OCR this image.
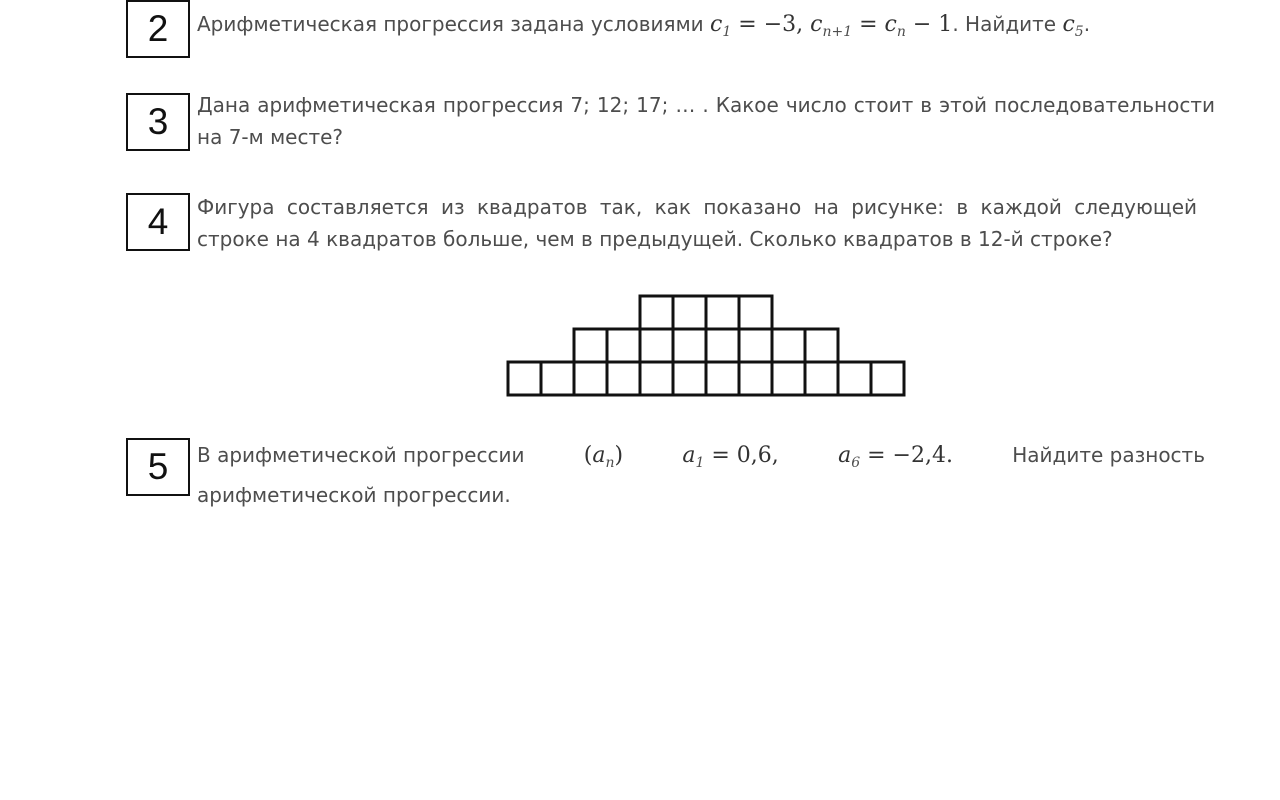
2	Арифметическая прогрессия задана условиями $c_1 = -3$, $c_{n+1} = c_n - 1$. Найдите $c_5$.
3	Дана арифметическая прогрессия 7; 12; 17; … . Какое число стоит в этой последовательности на 7-м месте?
4	Фигура составляется из квадратов так, как показано на рисунке: в каждой следующей строке на 4 квадратов больше, чем в предыдущей. Сколько квадратов в 12-й строке?
5	В арифметической прогрессии	$(a_n)$	$a_1 = 0,6$,	$a_6 = -2,4$.	Найдите разность
арифметической прогрессии.
